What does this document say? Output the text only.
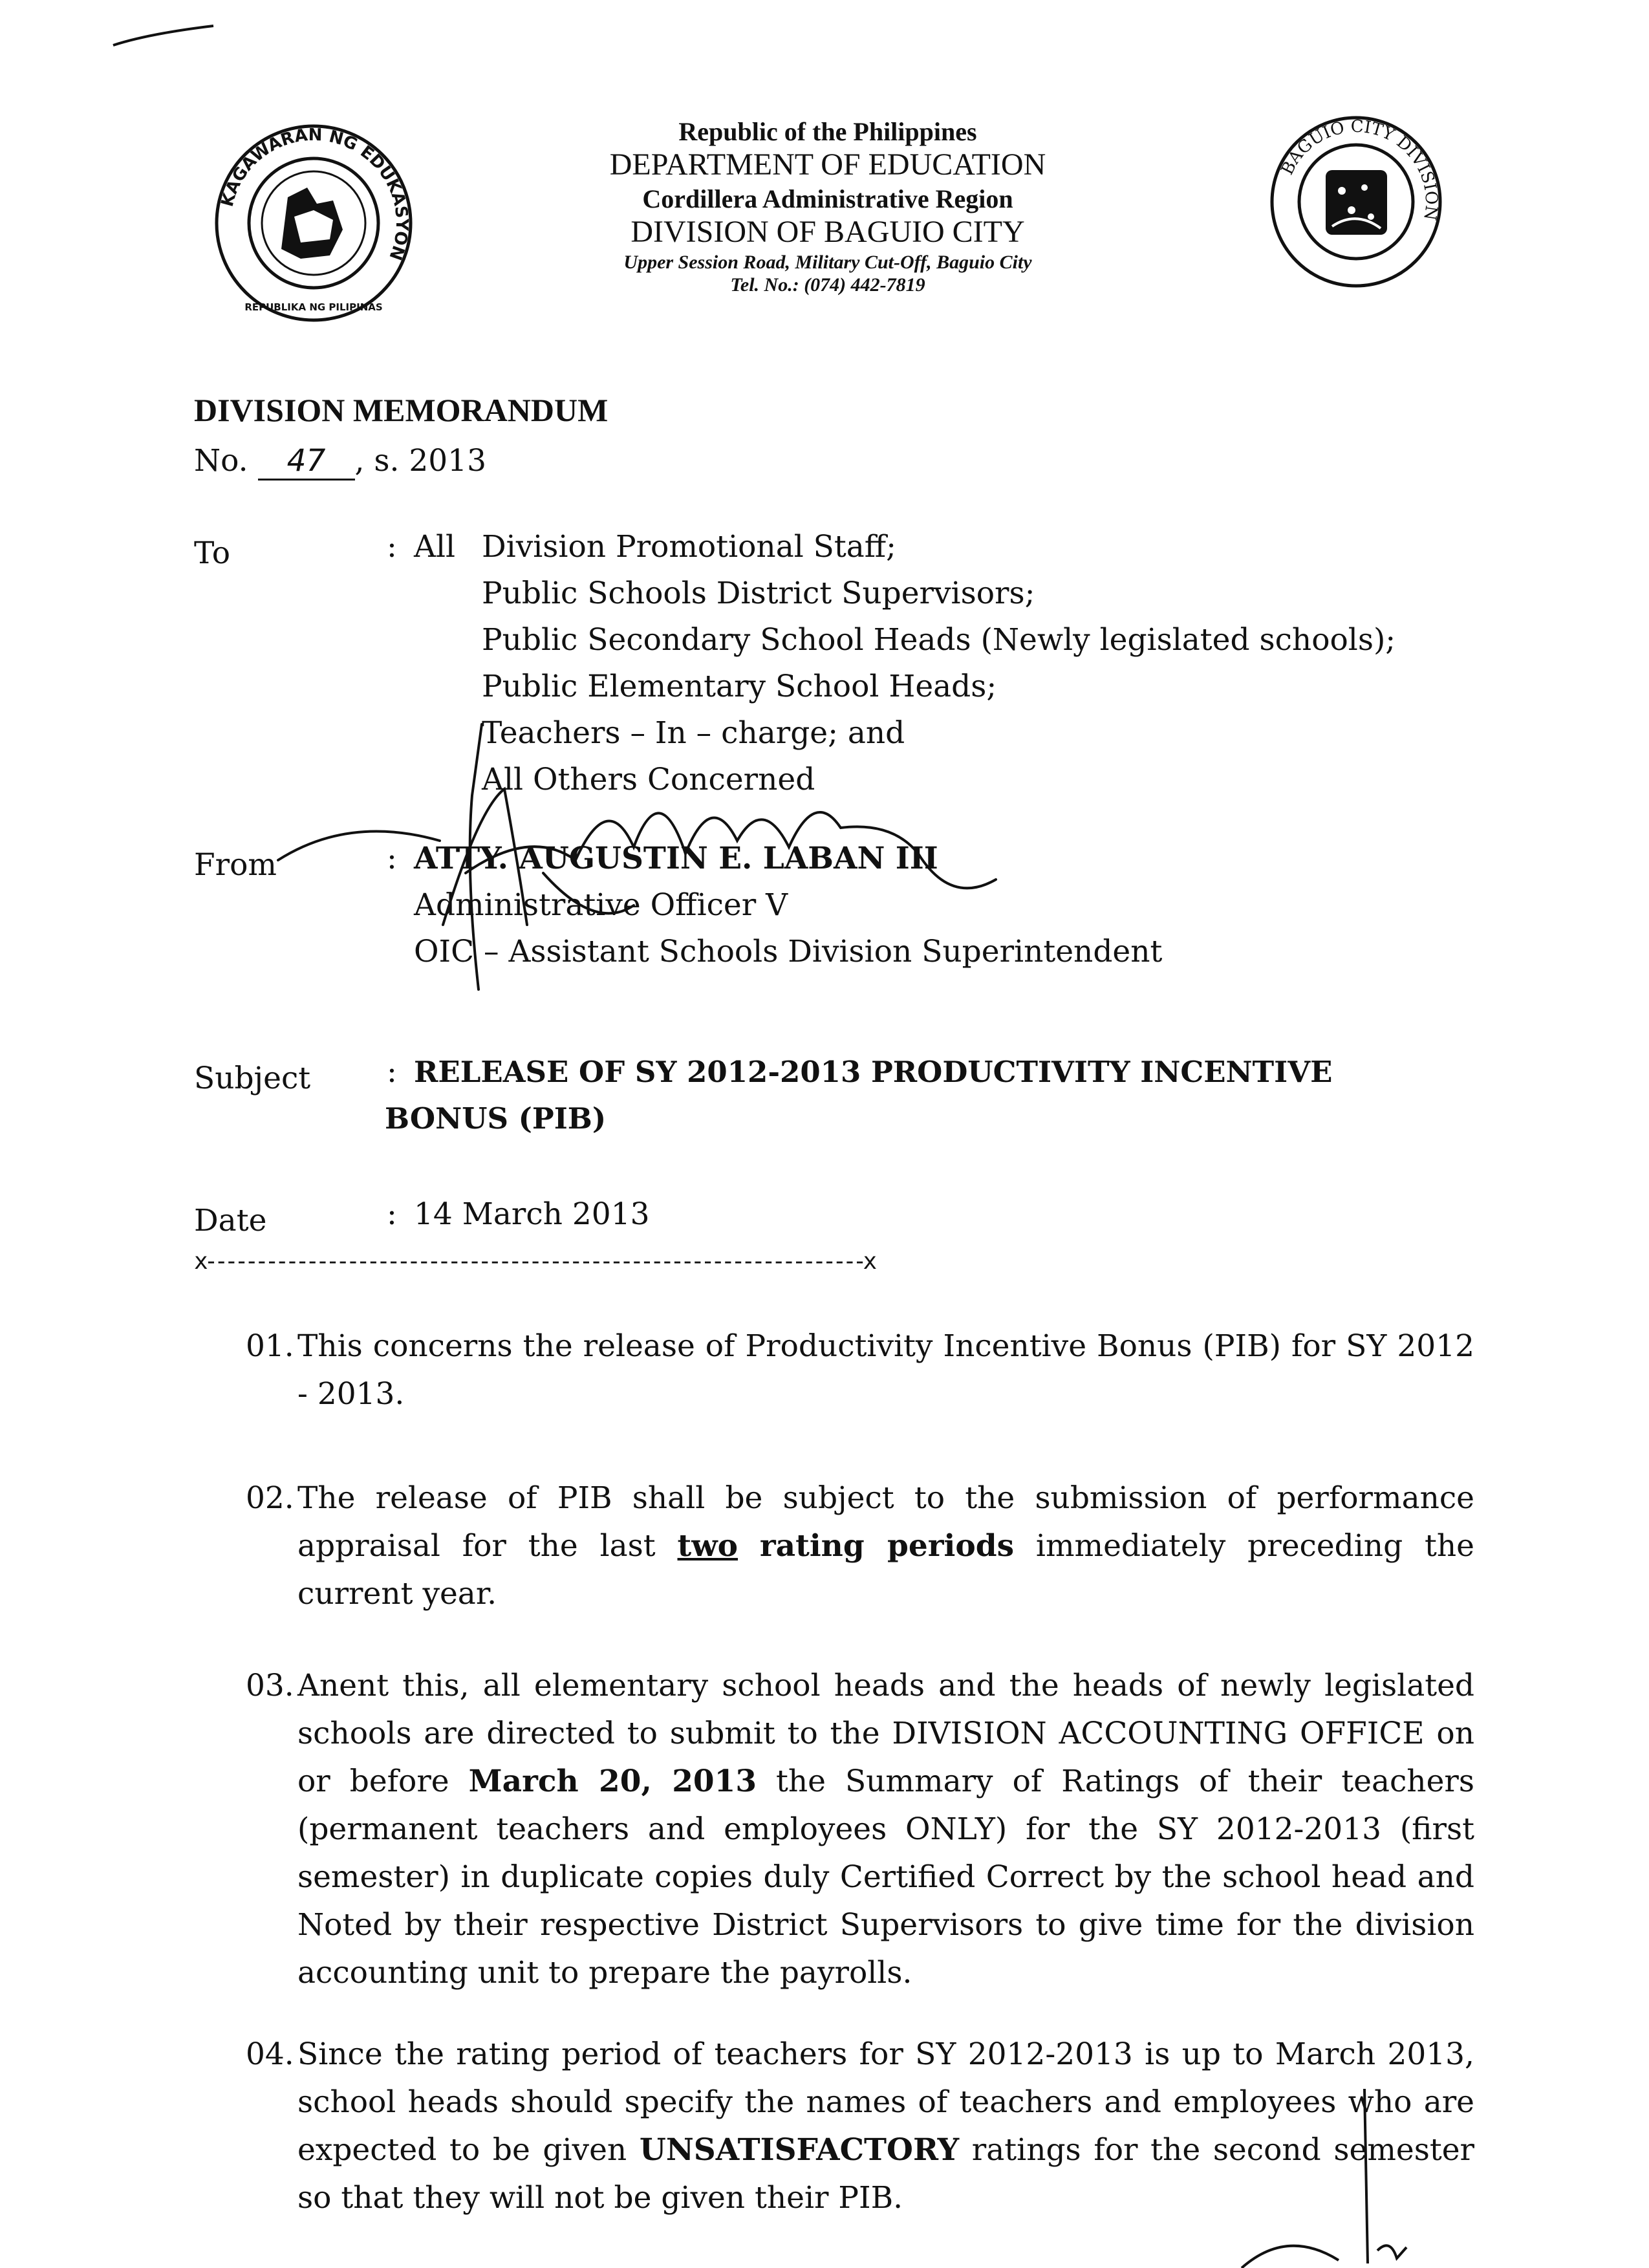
KAGAWARAN NG EDUKASYON
REPUBLIKA NG PILIPINAS
BAGUIO CITY DIVISION
Republic of the Philippines
DEPARTMENT OF EDUCATION
Cordillera Administrative Region
DIVISION OF BAGUIO CITY
Upper Session Road, Military Cut-Off, Baguio City
Tel. No.: (074) 442-7819
DIVISION MEMORANDUM
No. 47 , s. 2013
To	: All Division Promotional Staff;
Public Schools District Supervisors;
Public Secondary School Heads (Newly legislated schools);
Public Elementary School Heads;
Teachers – In – charge; and
All Others Concerned
From	: ATTY. AUGUSTIN E. LABAN III
Administrative Officer V
OIC – Assistant Schools Division Superintendent
Subject	: RELEASE OF SY 2012-2013 PRODUCTIVITY INCENTIVE
BONUS (PIB)
Date	: 14 March 2013
x-----------------------------------------------------------------x
01. This concerns the release of Productivity Incentive Bonus (PIB) for SY 2012 - 2013.
02. The release of PIB shall be subject to the submission of performance appraisal for the last two rating periods immediately preceding the current year.
03. Anent this, all elementary school heads and the heads of newly legislated schools are directed to submit to the DIVISION ACCOUNTING OFFICE on or before March 20, 2013 the Summary of Ratings of their teachers (permanent teachers and employees ONLY) for the SY 2012-2013 (first semester) in duplicate copies duly Certified Correct by the school head and Noted by their respective District Supervisors to give time for the division accounting unit to prepare the payrolls.
04. Since the rating period of teachers for SY 2012-2013 is up to March 2013, school heads should specify the names of teachers and employees who are expected to be given UNSATISFACTORY ratings for the second semester so that they will not be given their PIB.
